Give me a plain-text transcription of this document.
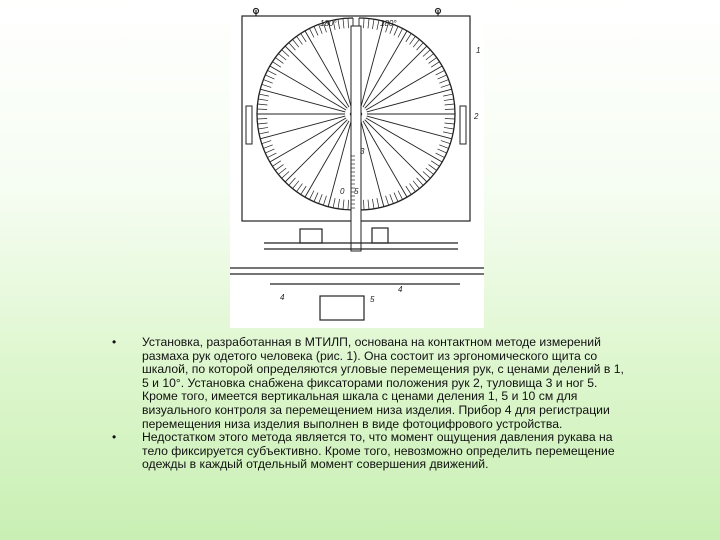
180°	180°
1
2
3
4
4
5
0 5
• Установка, разработанная в МТИЛП, основана на контактном методе измерений размаха рук одетого человека (рис. 1). Она состоит из эргономического щита со шкалой, по которой определяются угловые перемещения рук, с ценами делений в 1, 5 и 10°. Установка снабжена фиксаторами положения рук 2, туловища 3 и ног 5. Кроме того, имеется вертикальная шкала с ценами деления 1, 5 и 10 см для визуального контроля за перемещением низа изделия. Прибор 4 для регистрации перемещения низа изделия выполнен в виде фотоцифрового устройства.
• Недостатком этого метода является то, что момент ощущения давления рукава на тело фиксируется субъективно. Кроме того, невозможно определить перемещение одежды в каждый отдельный момент совершения движений.
